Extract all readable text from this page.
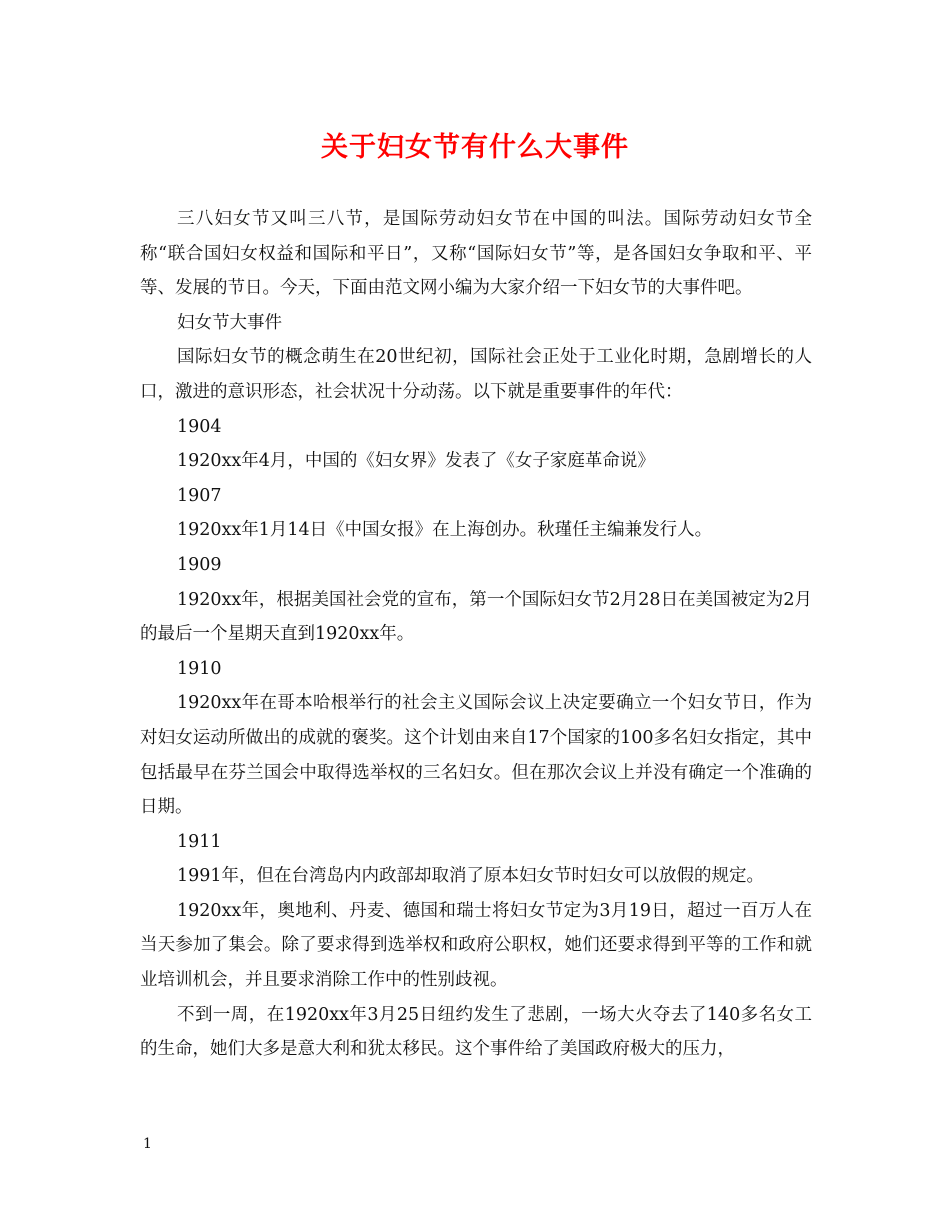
关于妇女节有什么大事件

三八妇女节又叫三八节，是国际劳动妇女节在中国的叫法。国际劳动妇女节全称“联合国妇女权益和国际和平日”，又称“国际妇女节”等，是各国妇女争取和平、平等、发展的节日。今天，下面由范文网小编为大家介绍一下妇女节的大事件吧。

妇女节大事件

国际妇女节的概念萌生在20世纪初，国际社会正处于工业化时期，急剧增长的人口，激进的意识形态，社会状况十分动荡。以下就是重要事件的年代：

1904

1920xx年4月，中国的《妇女界》发表了《女子家庭革命说》

1907

1920xx年1月14日《中国女报》在上海创办。秋瑾任主编兼发行人。

1909

1920xx年，根据美国社会党的宣布，第一个国际妇女节2月28日在美国被定为2月的最后一个星期天直到1920xx年。

1910

1920xx年在哥本哈根举行的社会主义国际会议上决定要确立一个妇女节日，作为对妇女运动所做出的成就的褒奖。这个计划由来自17个国家的100多名妇女指定，其中包括最早在芬兰国会中取得选举权的三名妇女。但在那次会议上并没有确定一个准确的日期。

1911

1991年，但在台湾岛内内政部却取消了原本妇女节时妇女可以放假的规定。

1920xx年，奥地利、丹麦、德国和瑞士将妇女节定为3月19日，超过一百万人在当天参加了集会。除了要求得到选举权和政府公职权，她们还要求得到平等的工作和就业培训机会，并且要求消除工作中的性别歧视。

不到一周，在1920xx年3月25日纽约发生了悲剧，一场大火夺去了140多名女工的生命，她们大多是意大利和犹太移民。这个事件给了美国政府极大的压力，

1
